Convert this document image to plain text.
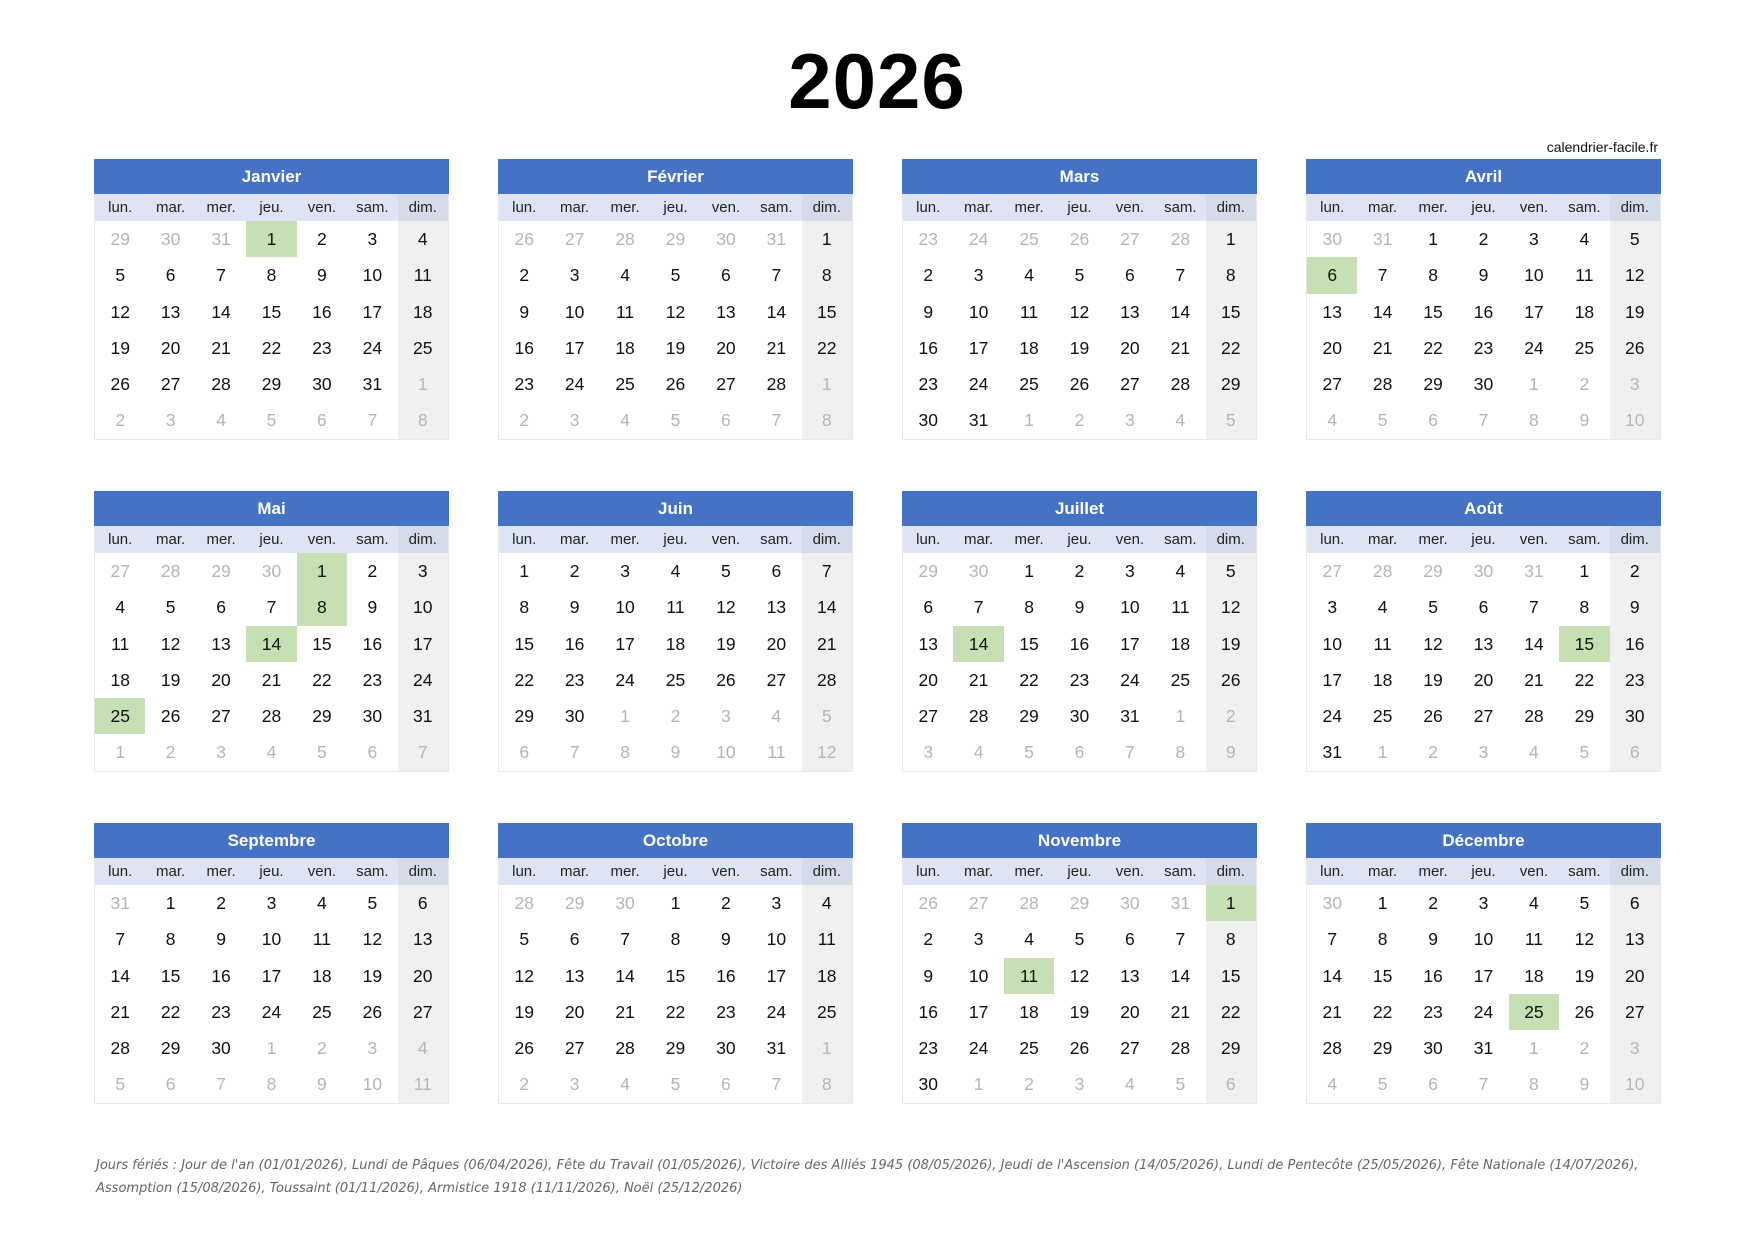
2026
calendrier-facile.fr
Janvier
lun.	mar.	mer.	jeu.	ven.	sam.	dim.
29	30	31	1	2	3	4
5	6	7	8	9	10	11
12	13	14	15	16	17	18
19	20	21	22	23	24	25
26	27	28	29	30	31	1
2	3	4	5	6	7	8
Février
lun.	mar.	mer.	jeu.	ven.	sam.	dim.
26	27	28	29	30	31	1
2	3	4	5	6	7	8
9	10	11	12	13	14	15
16	17	18	19	20	21	22
23	24	25	26	27	28	1
2	3	4	5	6	7	8
Mars
lun.	mar.	mer.	jeu.	ven.	sam.	dim.
23	24	25	26	27	28	1
2	3	4	5	6	7	8
9	10	11	12	13	14	15
16	17	18	19	20	21	22
23	24	25	26	27	28	29
30	31	1	2	3	4	5
Avril
lun.	mar.	mer.	jeu.	ven.	sam.	dim.
30	31	1	2	3	4	5
6	7	8	9	10	11	12
13	14	15	16	17	18	19
20	21	22	23	24	25	26
27	28	29	30	1	2	3
4	5	6	7	8	9	10
Mai
lun.	mar.	mer.	jeu.	ven.	sam.	dim.
27	28	29	30	1	2	3
4	5	6	7	8	9	10
11	12	13	14	15	16	17
18	19	20	21	22	23	24
25	26	27	28	29	30	31
1	2	3	4	5	6	7
Juin
lun.	mar.	mer.	jeu.	ven.	sam.	dim.
1	2	3	4	5	6	7
8	9	10	11	12	13	14
15	16	17	18	19	20	21
22	23	24	25	26	27	28
29	30	1	2	3	4	5
6	7	8	9	10	11	12
Juillet
lun.	mar.	mer.	jeu.	ven.	sam.	dim.
29	30	1	2	3	4	5
6	7	8	9	10	11	12
13	14	15	16	17	18	19
20	21	22	23	24	25	26
27	28	29	30	31	1	2
3	4	5	6	7	8	9
Août
lun.	mar.	mer.	jeu.	ven.	sam.	dim.
27	28	29	30	31	1	2
3	4	5	6	7	8	9
10	11	12	13	14	15	16
17	18	19	20	21	22	23
24	25	26	27	28	29	30
31	1	2	3	4	5	6
Septembre
lun.	mar.	mer.	jeu.	ven.	sam.	dim.
31	1	2	3	4	5	6
7	8	9	10	11	12	13
14	15	16	17	18	19	20
21	22	23	24	25	26	27
28	29	30	1	2	3	4
5	6	7	8	9	10	11
Octobre
lun.	mar.	mer.	jeu.	ven.	sam.	dim.
28	29	30	1	2	3	4
5	6	7	8	9	10	11
12	13	14	15	16	17	18
19	20	21	22	23	24	25
26	27	28	29	30	31	1
2	3	4	5	6	7	8
Novembre
lun.	mar.	mer.	jeu.	ven.	sam.	dim.
26	27	28	29	30	31	1
2	3	4	5	6	7	8
9	10	11	12	13	14	15
16	17	18	19	20	21	22
23	24	25	26	27	28	29
30	1	2	3	4	5	6
Décembre
lun.	mar.	mer.	jeu.	ven.	sam.	dim.
30	1	2	3	4	5	6
7	8	9	10	11	12	13
14	15	16	17	18	19	20
21	22	23	24	25	26	27
28	29	30	31	1	2	3
4	5	6	7	8	9	10
Jours fériés : Jour de l'an (01/01/2026), Lundi de Pâques (06/04/2026), Fête du Travail (01/05/2026), Victoire des Alliés 1945 (08/05/2026), Jeudi de l'Ascension (14/05/2026), Lundi de Pentecôte (25/05/2026), Fête Nationale (14/07/2026), Assomption (15/08/2026), Toussaint (01/11/2026), Armistice 1918 (11/11/2026), Noël (25/12/2026)
